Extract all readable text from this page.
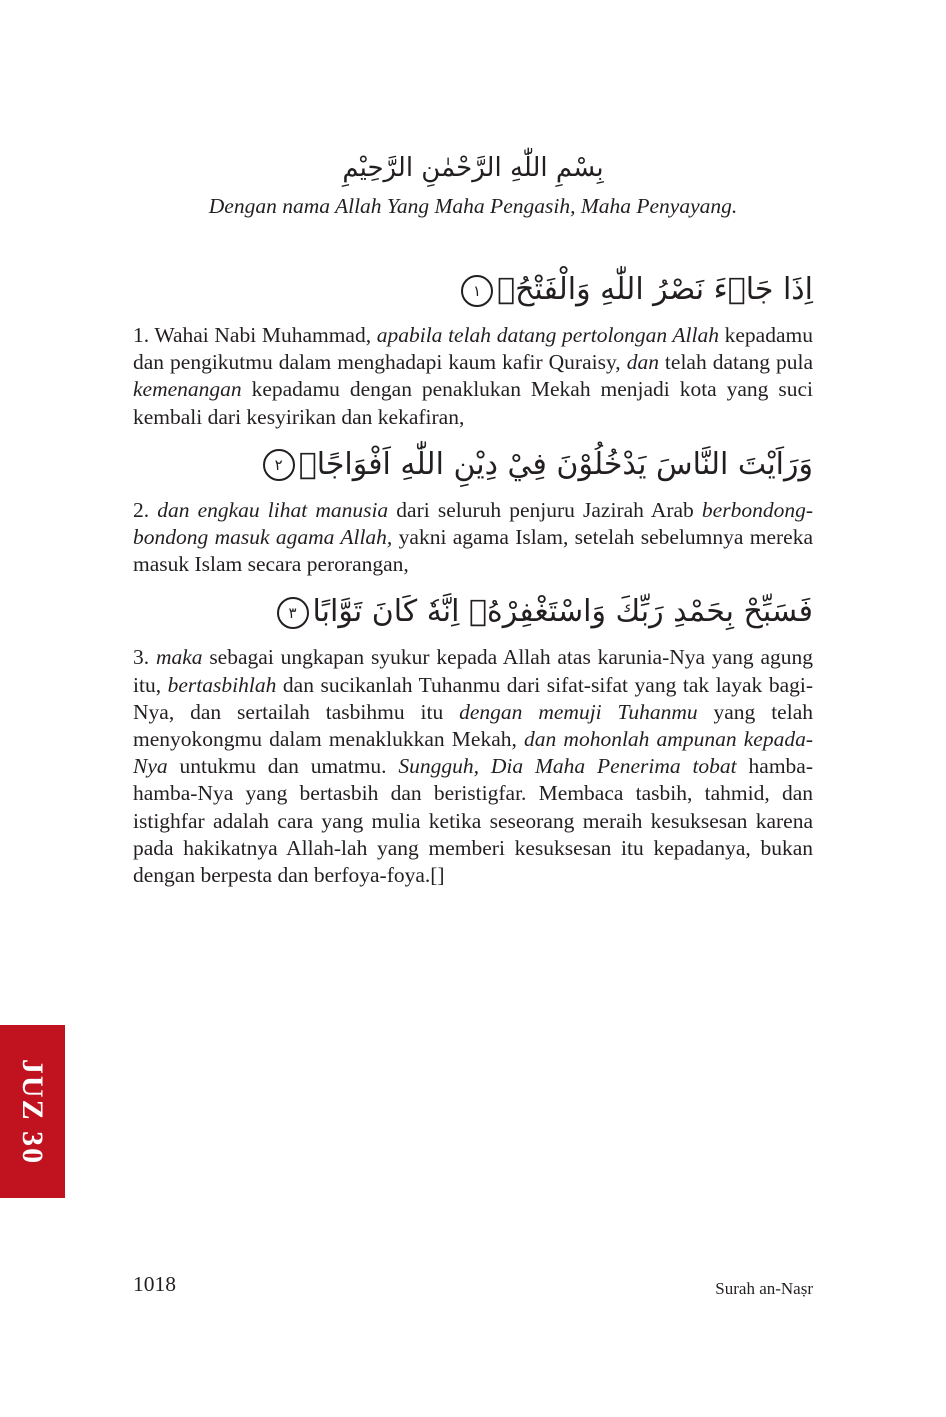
بِسْمِ اللّٰهِ الرَّحْمٰنِ الرَّحِيْمِ
Dengan nama Allah Yang Maha Pengasih, Maha Penyayang.

اِذَا جَاۤءَ نَصْرُ اللّٰهِ وَالْفَتْحُۙ١

1. Wahai Nabi Muhammad, apabila telah datang pertolongan Allah kepadamu dan pengikutmu dalam menghadapi kaum kafir Quraisy, dan telah datang pula kemenangan kepadamu dengan penaklukan Mekah menjadi kota yang suci kembali dari kesyirikan dan kekafiran,

وَرَاَيْتَ النَّاسَ يَدْخُلُوْنَ فِيْ دِيْنِ اللّٰهِ اَفْوَاجًاۙ٢

2. dan engkau lihat manusia dari seluruh penjuru Jazirah Arab berbondong-bondong masuk agama Allah, yakni agama Islam, setelah sebelumnya mereka masuk Islam secara perorangan,

فَسَبِّحْ بِحَمْدِ رَبِّكَ وَاسْتَغْفِرْهُۗ اِنَّهٗ كَانَ تَوَّابًا٣

3. maka sebagai ungkapan syukur kepada Allah atas karunia-Nya yang agung itu, bertasbihlah dan sucikanlah Tuhanmu dari sifat-sifat yang tak layak bagi-Nya, dan sertailah tasbihmu itu dengan memuji Tuhanmu yang telah menyokongmu dalam menaklukkan Mekah, dan mohonlah ampunan kepada-Nya untukmu dan umatmu. Sungguh, Dia Maha Penerima tobat hamba-hamba-Nya yang bertasbih dan beristigfar. Membaca tasbih, tahmid, dan istighfar adalah cara yang mulia ketika seseorang meraih kesuksesan karena pada hakikatnya Allah-lah yang memberi kesuksesan itu kepadanya, bukan dengan berpesta dan berfoya-foya.[]

JUZ 30
1018	Surah an-Naṣr
